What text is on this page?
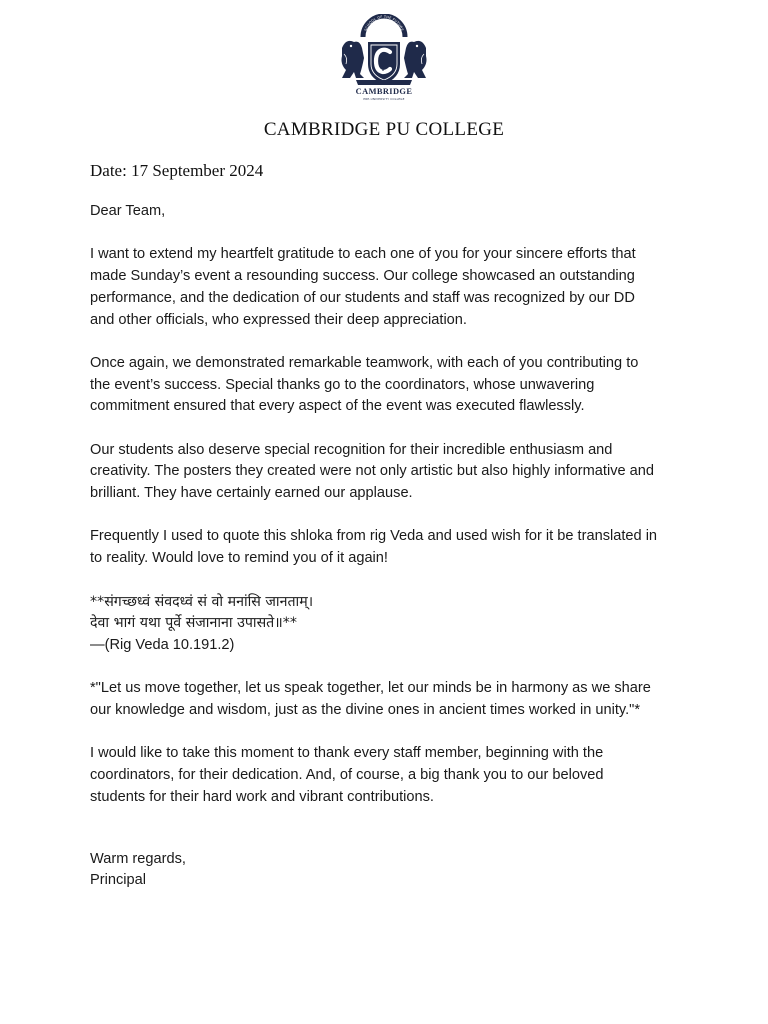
SCHOOL OF THE FUTURE
CAMBRIDGE
PRE-UNIVERSITY COLLEGE
CAMBRIDGE PU COLLEGE
Date: 17 September 2024

Dear Team,

I want to extend my heartfelt gratitude to each one of you for your sincere efforts that
made Sunday’s event a resounding success. Our college showcased an outstanding
performance, and the dedication of our students and staff was recognized by our DD
and other officials, who expressed their deep appreciation.

Once again, we demonstrated remarkable teamwork, with each of you contributing to
the event’s success. Special thanks go to the coordinators, whose unwavering
commitment ensured that every aspect of the event was executed flawlessly.

Our students also deserve special recognition for their incredible enthusiasm and
creativity. The posters they created were not only artistic but also highly informative and
brilliant. They have certainly earned our applause.

Frequently I used to quote this shloka from rig Veda and used wish for it be translated in
to reality. Would love to remind you of it again!

**संगच्छध्वं संवदध्वं सं वो मनांसि जानताम्।
देवा भागं यथा पूर्वे संजानाना उपासते॥**
—(Rig Veda 10.191.2)

*"Let us move together, let us speak together, let our minds be in harmony as we share
our knowledge and wisdom, just as the divine ones in ancient times worked in unity."*

I would like to take this moment to thank every staff member, beginning with the
coordinators, for their dedication. And, of course, a big thank you to our beloved
students for their hard work and vibrant contributions.

Warm regards,
Principal
